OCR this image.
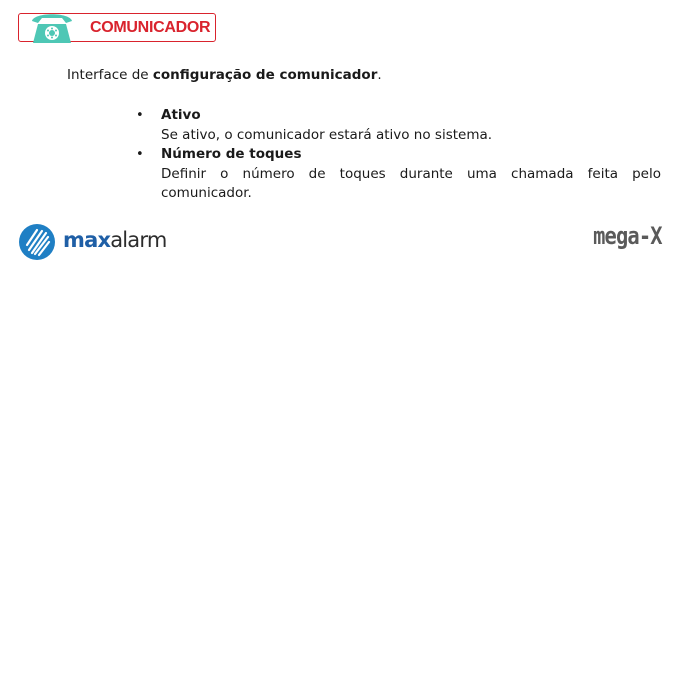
COMUNICADOR
Interface de configuração de comunicador.
• Ativo
Se ativo, o comunicador estará ativo no sistema.
• Número de toques
Definir o número de toques durante uma chamada feita pelo comunicador.
maxalarm	mega-X
